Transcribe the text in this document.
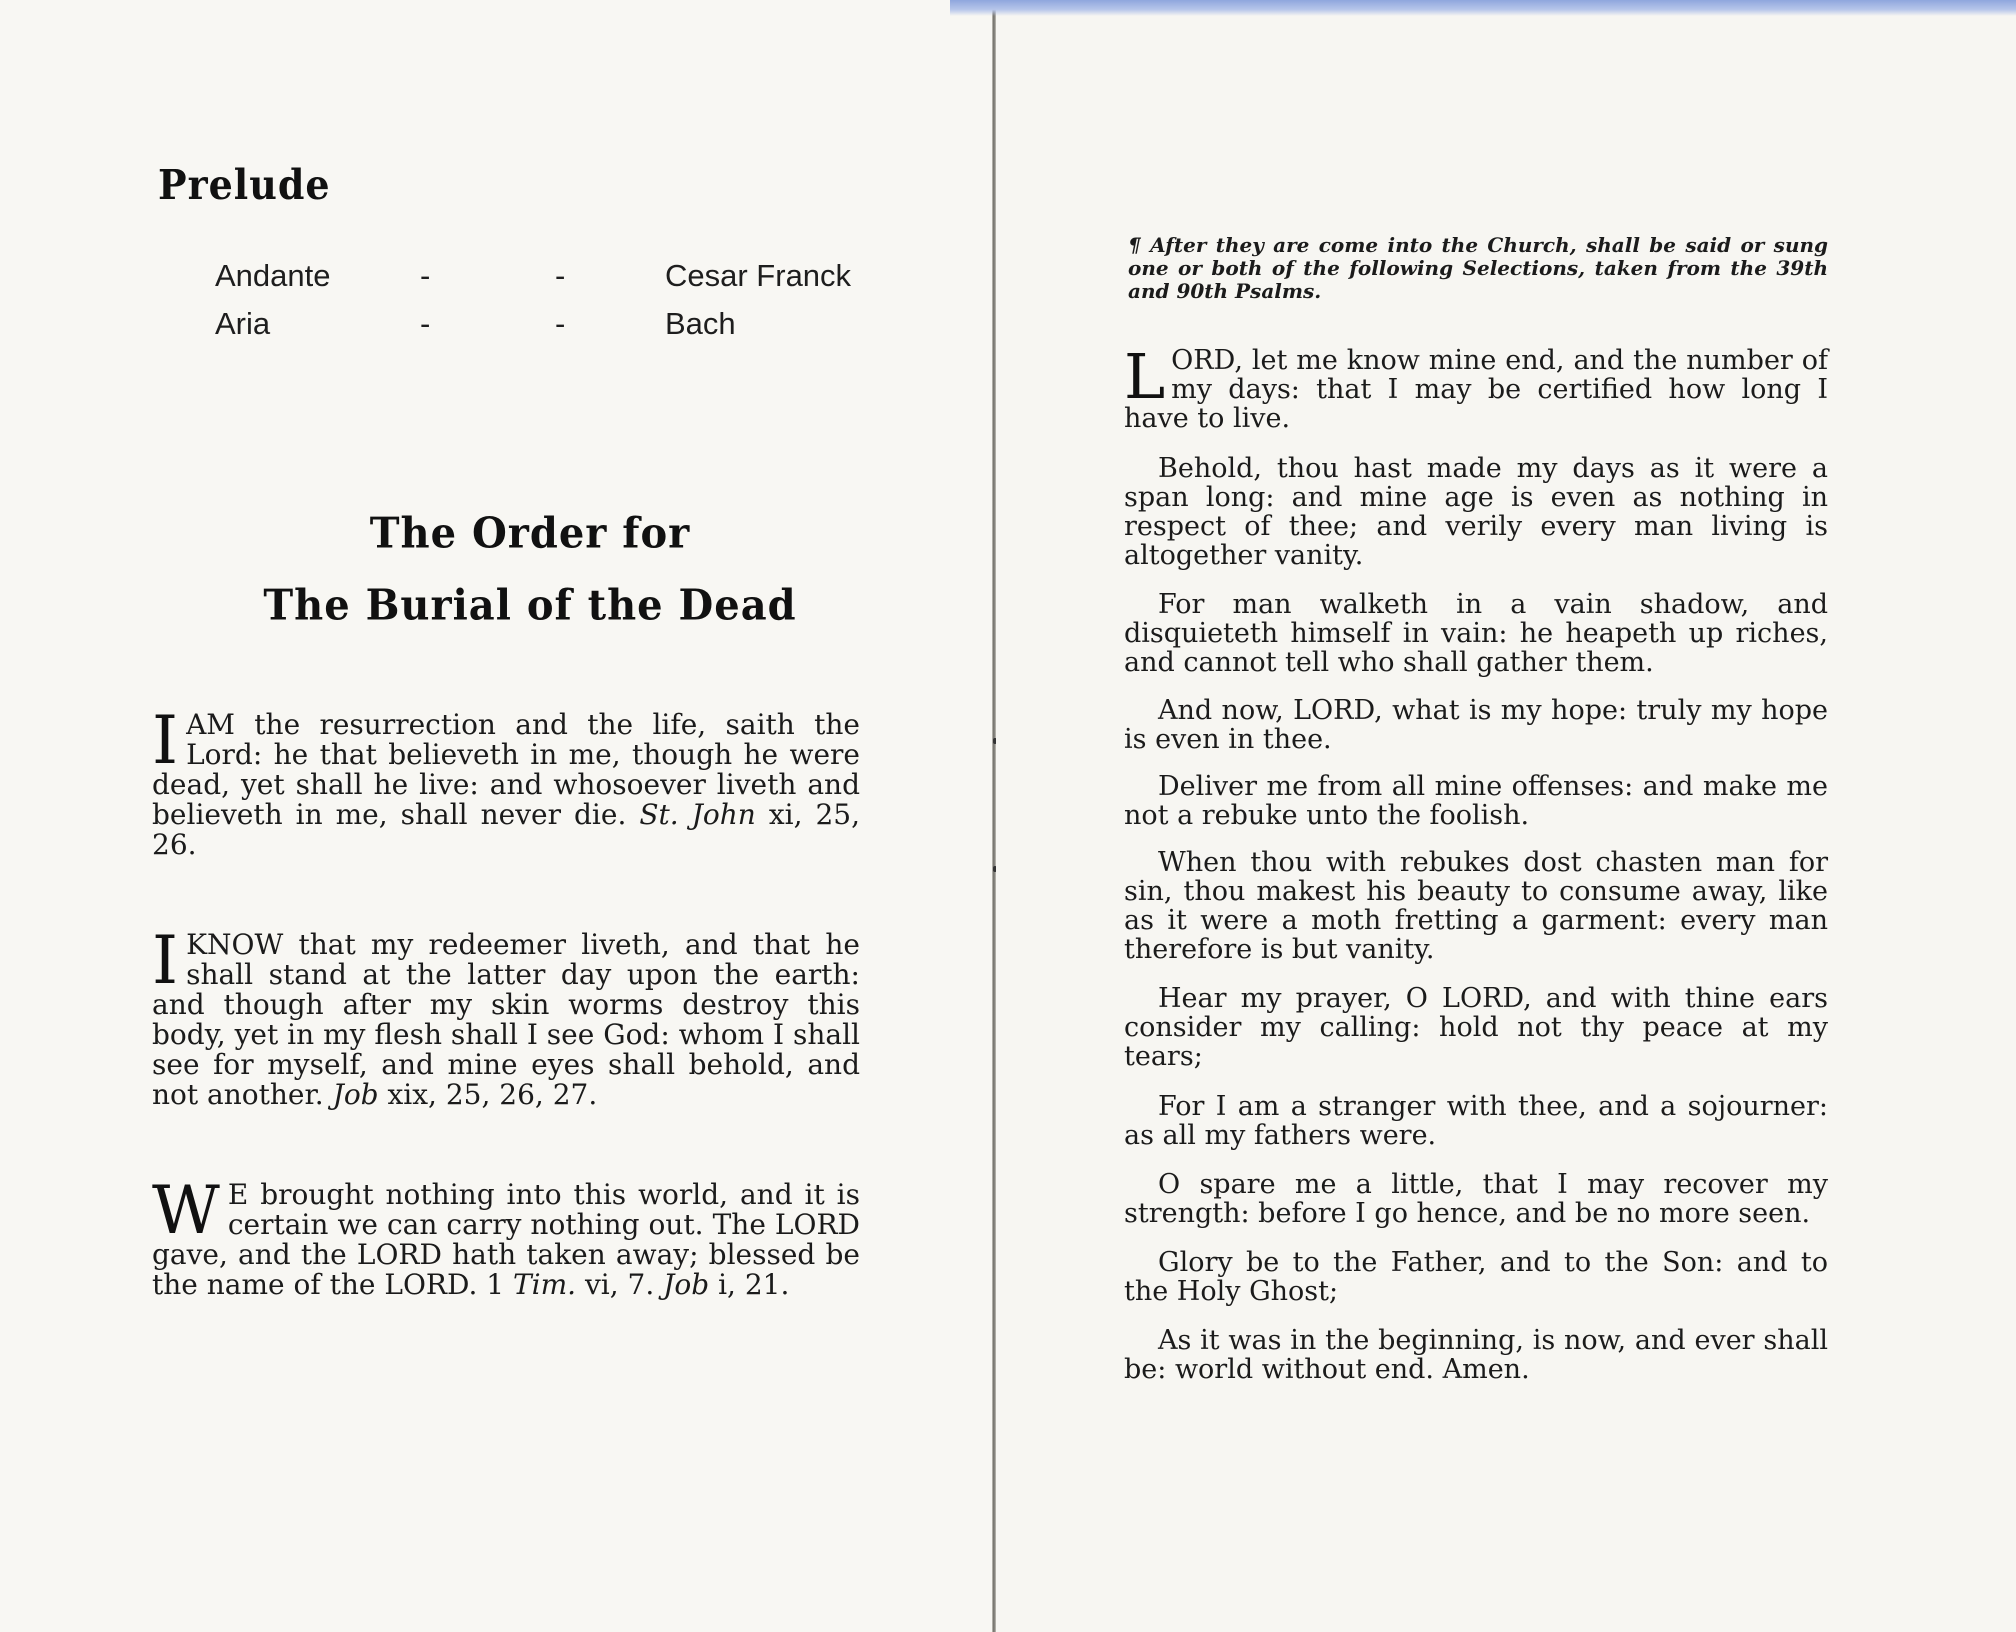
Prelude
Andante	-	-	Cesar Franck
Aria	-	-	Bach
The Order for
The Burial of the Dead
I AM the resurrection and the life, saith the Lord: he that believeth in me, though he were dead, yet shall he live: and whosoever liveth and believeth in me, shall never die. St. John xi, 25, 26.
I KNOW that my redeemer liveth, and that he shall stand at the latter day upon the earth: and though after my skin worms destroy this body, yet in my flesh shall I see God: whom I shall see for myself, and mine eyes shall behold, and not another. Job xix, 25, 26, 27.
W E brought nothing into this world, and it is certain we can carry nothing out. The LORD gave, and the LORD hath taken away; blessed be the name of the LORD. 1 Tim. vi, 7. Job i, 21.
¶ After they are come into the Church, shall be said or sung one or both of the following Selections, taken from the 39th and 90th Psalms.
LORD, let me know mine end, and the number of my days: that I may be certified how long I have to live.
Behold, thou hast made my days as it were a span long: and mine age is even as nothing in respect of thee; and verily every man living is altogether vanity.
For man walketh in a vain shadow, and disquieteth himself in vain: he heapeth up riches, and cannot tell who shall gather them.
And now, LORD, what is my hope: truly my hope is even in thee.
Deliver me from all mine offenses: and make me not a rebuke unto the foolish.
When thou with rebukes dost chasten man for sin, thou makest his beauty to consume away, like as it were a moth fretting a garment: every man therefore is but vanity.
Hear my prayer, O LORD, and with thine ears consider my calling: hold not thy peace at my tears;
For I am a stranger with thee, and a sojourner: as all my fathers were.
O spare me a little, that I may recover my strength: before I go hence, and be no more seen.
Glory be to the Father, and to the Son: and to the Holy Ghost;
As it was in the beginning, is now, and ever shall be: world without end. Amen.
